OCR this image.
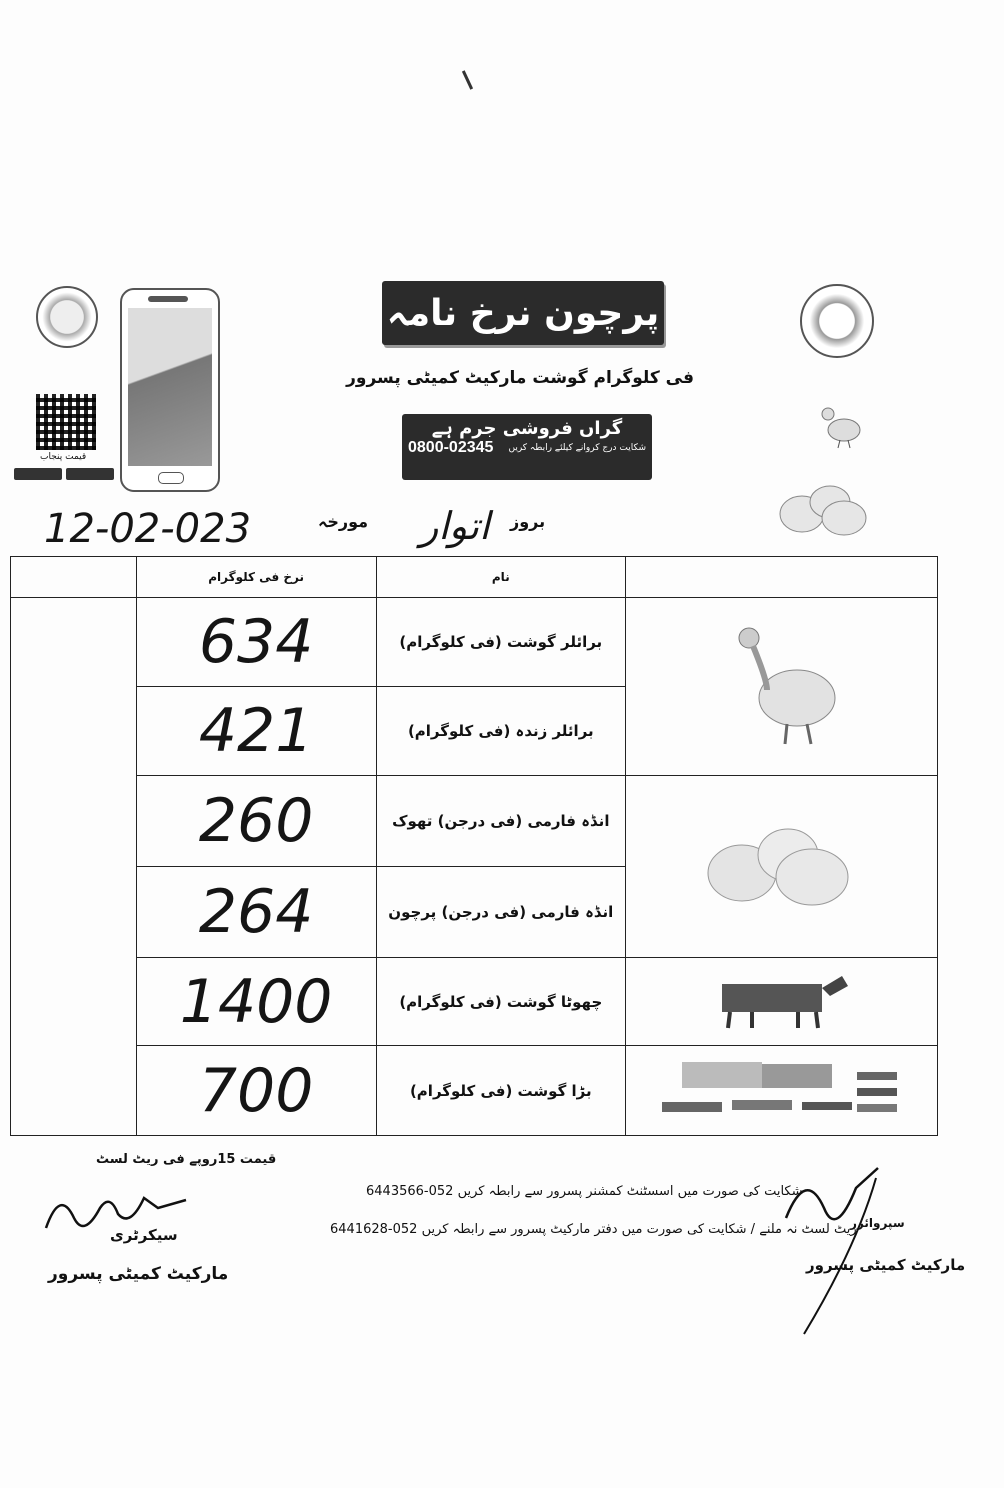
قیمت پنجاب
پرچون نرخ نامہ
فی کلوگرام گوشت مارکیٹ کمیٹی پسرور
گراں فروشی جرم ہے
شکایت درج کروانے کیلئے رابطہ کریں
0800-02345
12-02-023	مورخہ اتوار بروز
	نرخ فی کلوگرام	نام	
	634	برائلر گوشت (فی کلوگرام)	
	421	برائلر زندہ (فی کلوگرام)	
	260	انڈہ فارمی (فی درجن) تھوک	
	264	انڈہ فارمی (فی درجن) پرچون	
	1400	چھوٹا گوشت (فی کلوگرام)	
	700	بڑا گوشت (فی کلوگرام)	
قیمت 15روپے فی ریٹ لسٹ
شکایت کی صورت میں اسسٹنٹ کمشنر پسرور سے رابطہ کریں 052-6443566
ریٹ لسٹ نہ ملنے / شکایت کی صورت میں دفتر مارکیٹ پسرور سے رابطہ کریں 052-6441628
سیکرٹری
مارکیٹ کمیٹی پسرور
سپروائزر
مارکیٹ کمیٹی پسرور
